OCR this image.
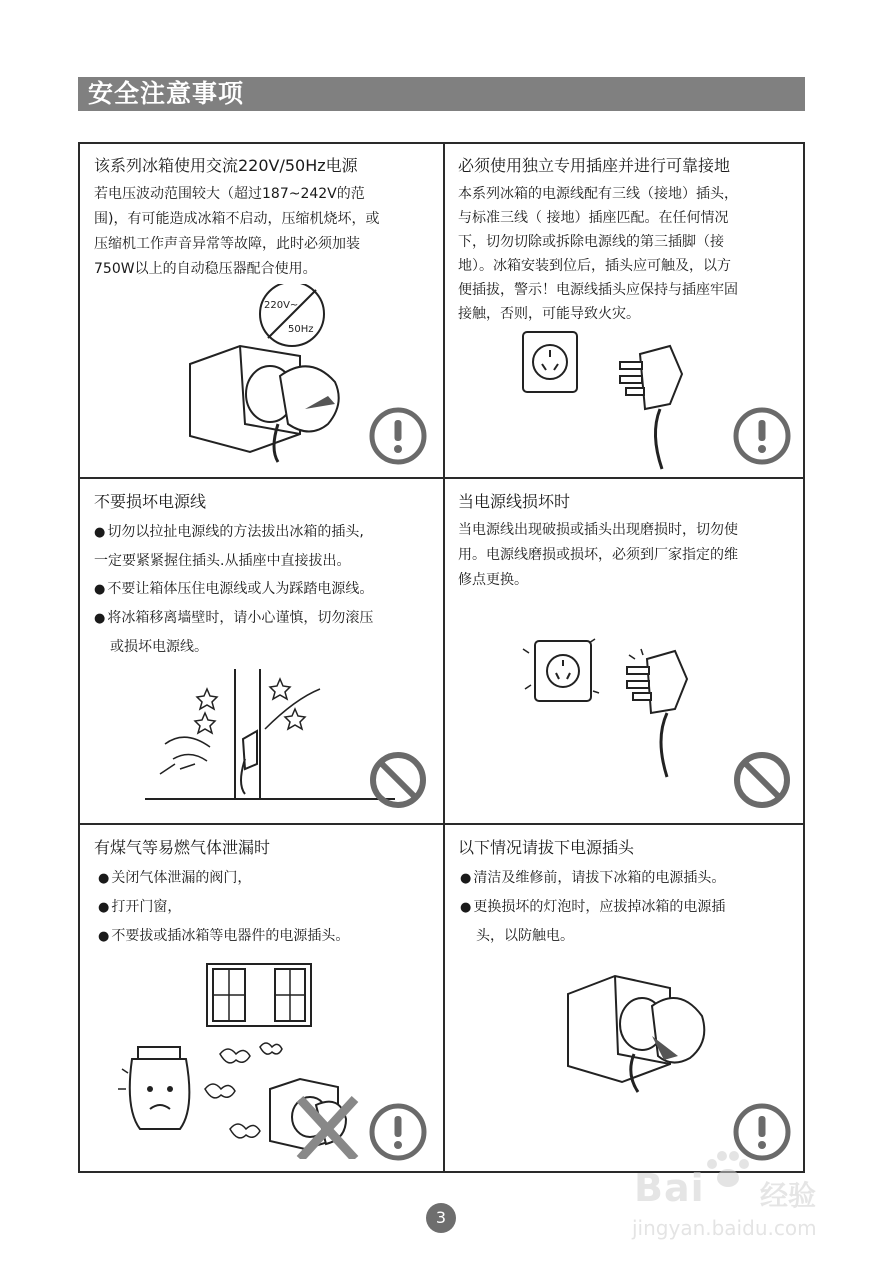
安全注意事项
该系列冰箱使用交流220V/50Hz电源
若电压波动范围较大（超过187~242V的范
围)，有可能造成冰箱不启动，压缩机烧坏，或
压缩机工作声音异常等故障，此时必须加装
750W以上的自动稳压器配合使用。
220V~
50Hz
必须使用独立专用插座并进行可靠接地
本系列冰箱的电源线配有三线（接地）插头，
与标准三线（ 接地）插座匹配。在任何情况
下，切勿切除或拆除电源线的第三插脚（接
地）。冰箱安装到位后，插头应可触及，以方
便插拔，警示！电源线插头应保持与插座牢固
接触，否则，可能导致火灾。
不要损坏电源线
● 切勿以拉扯电源线的方法拔出冰箱的插头,
一定要紧紧握住插头.从插座中直接拔出。
● 不要让箱体压住电源线或人为踩踏电源线。
● 将冰箱移离墙壁时，请小心谨慎，切勿滚压
或损坏电源线。
当电源线损坏时
当电源线出现破损或插头出现磨损时，切勿使
用。电源线磨损或损坏，必须到厂家指定的维
修点更换。
有煤气等易燃气体泄漏时
● 关闭气体泄漏的阀门，
● 打开门窗，
● 不要拔或插冰箱等电器件的电源插头。
以下情况请拔下电源插头
● 清洁及维修前，请拔下冰箱的电源插头。
● 更换损坏的灯泡时，应拔掉冰箱的电源插
头，以防触电。
3
Bai 经验
jingyan.baidu.com
